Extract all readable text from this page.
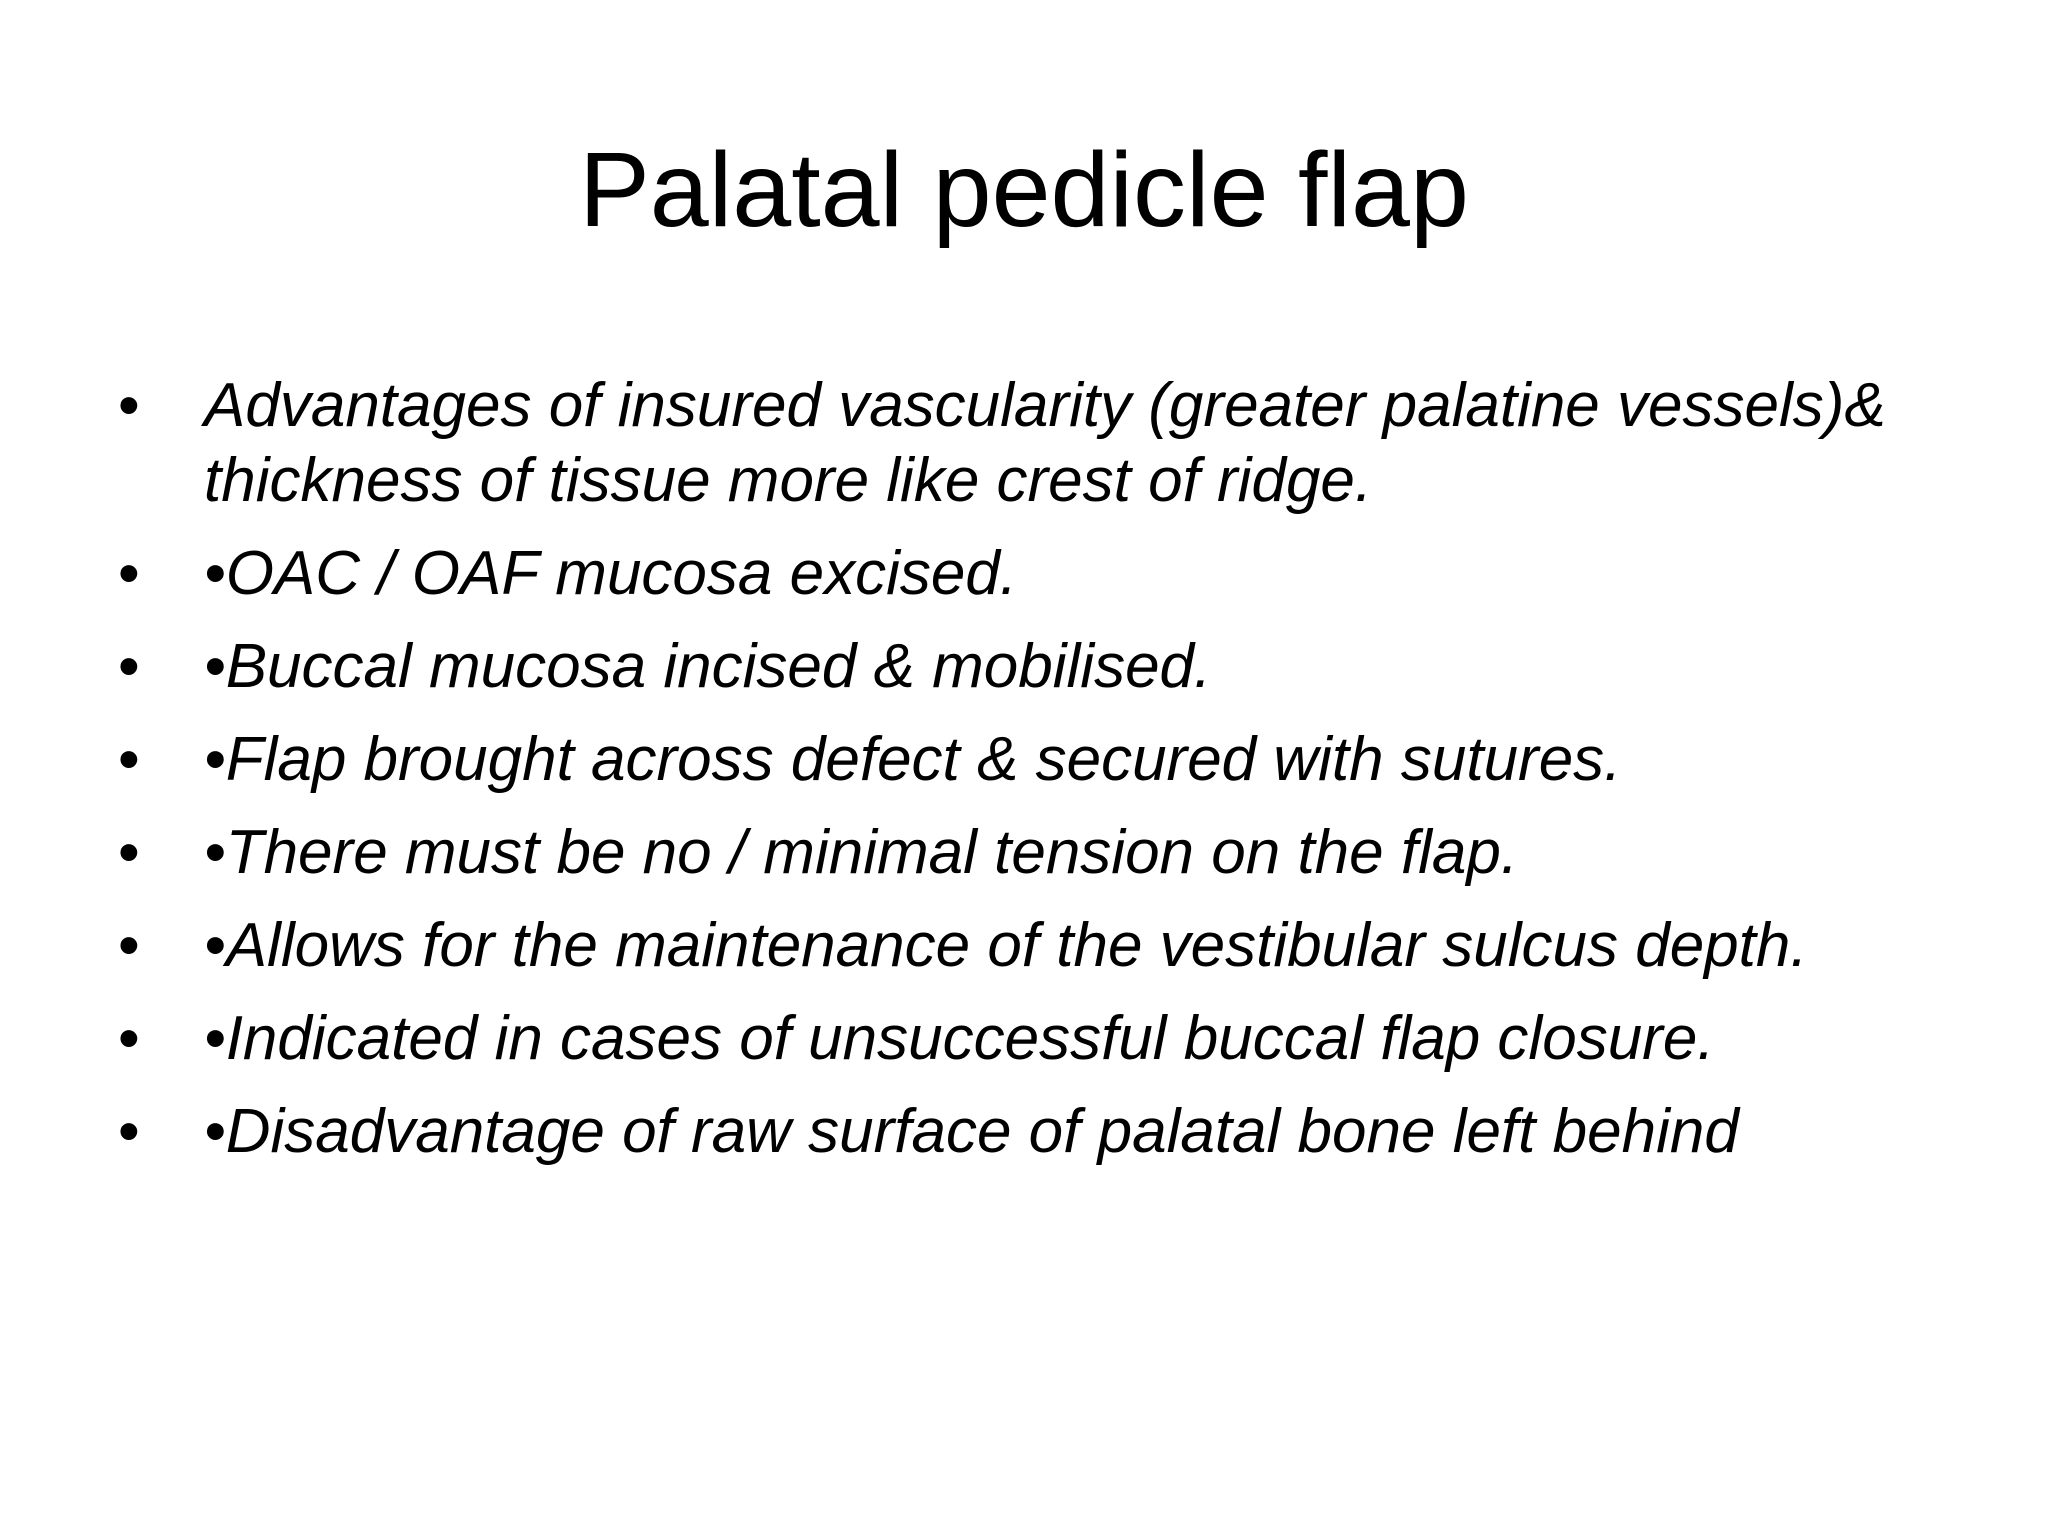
Palatal pedicle flap
• Advantages of insured vascularity (greater palatine vessels)& thickness of tissue more like crest of ridge.
• •OAC / OAF mucosa excised.
• •Buccal mucosa incised & mobilised.
• •Flap brought across defect & secured with sutures.
• •There must be no / minimal tension on the flap.
• •Allows for the maintenance of the vestibular sulcus depth.
• •Indicated in cases of unsuccessful buccal flap closure.
• •Disadvantage of raw surface of palatal bone left behind
